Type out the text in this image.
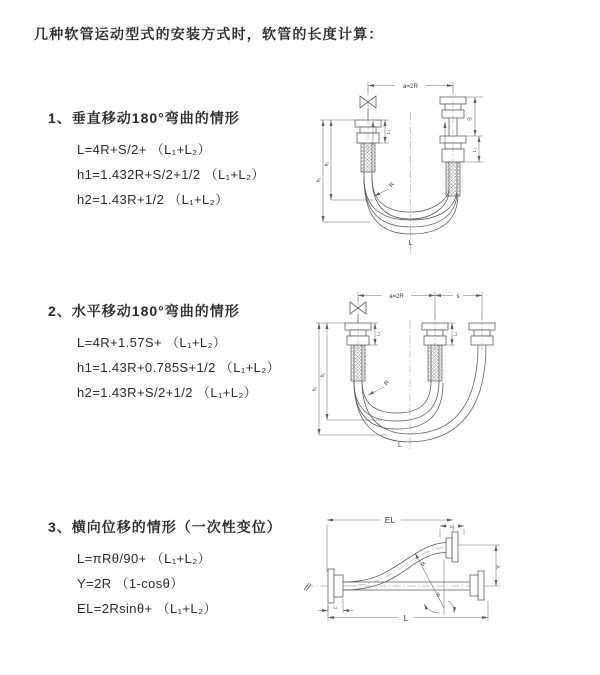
几种软管运动型式的安装方式时，软管的长度计算：
1、垂直移动180°弯曲的情形
L=4R+S/2+ （L₁+L₂）
h1=1.432R+S/2+1/2 （L₁+L₂）
h2=1.43R+1/2 （L₁+L₂）
2、水平移动180°弯曲的情形
L=4R+1.57S+ （L₁+L₂）
h1=1.43R+0.785S+1/2 （L₁+L₂）
h2=1.43R+S/2+1/2 （L₁+L₂）
3、横向位移的情形（一次性变位）
L=πRθ/90+ （L₁+L₂）
Y=2R （1-cosθ）
EL=2Rsinθ+ （L₁+L₂）
a=2R
S
L₂
L₁
h₁
h₂
R
L
a=2R	s
L₁	L₂
h₁
h₂
R
L
EL
L₂
Y
R
θ
L
L₁
